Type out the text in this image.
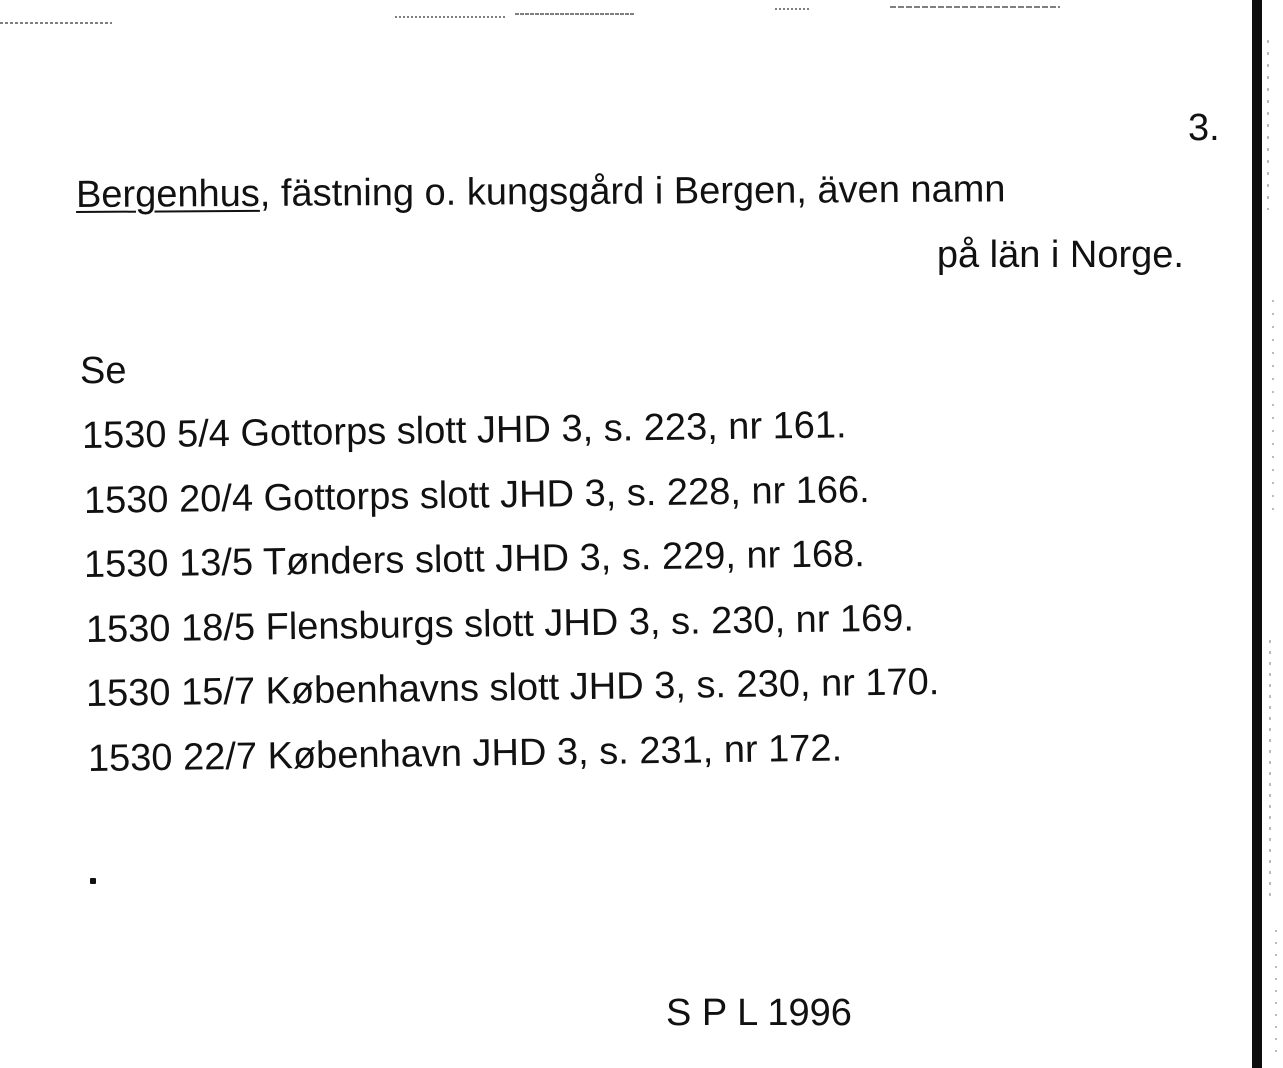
3.
Bergenhus, fästning o. kungsgård i Bergen, även namn
på län i Norge.
Se
1530 5/4 Gottorps slott JHD 3, s. 223, nr 161.
1530 20/4 Gottorps slott JHD 3, s. 228, nr 166.
1530 13/5 Tønders slott JHD 3, s. 229, nr 168.
1530 18/5 Flensburgs slott JHD 3, s. 230, nr 169.
1530 15/7 Københavns slott JHD 3, s. 230, nr 170.
1530 22/7 København JHD 3, s. 231, nr 172.
S P L 1996
